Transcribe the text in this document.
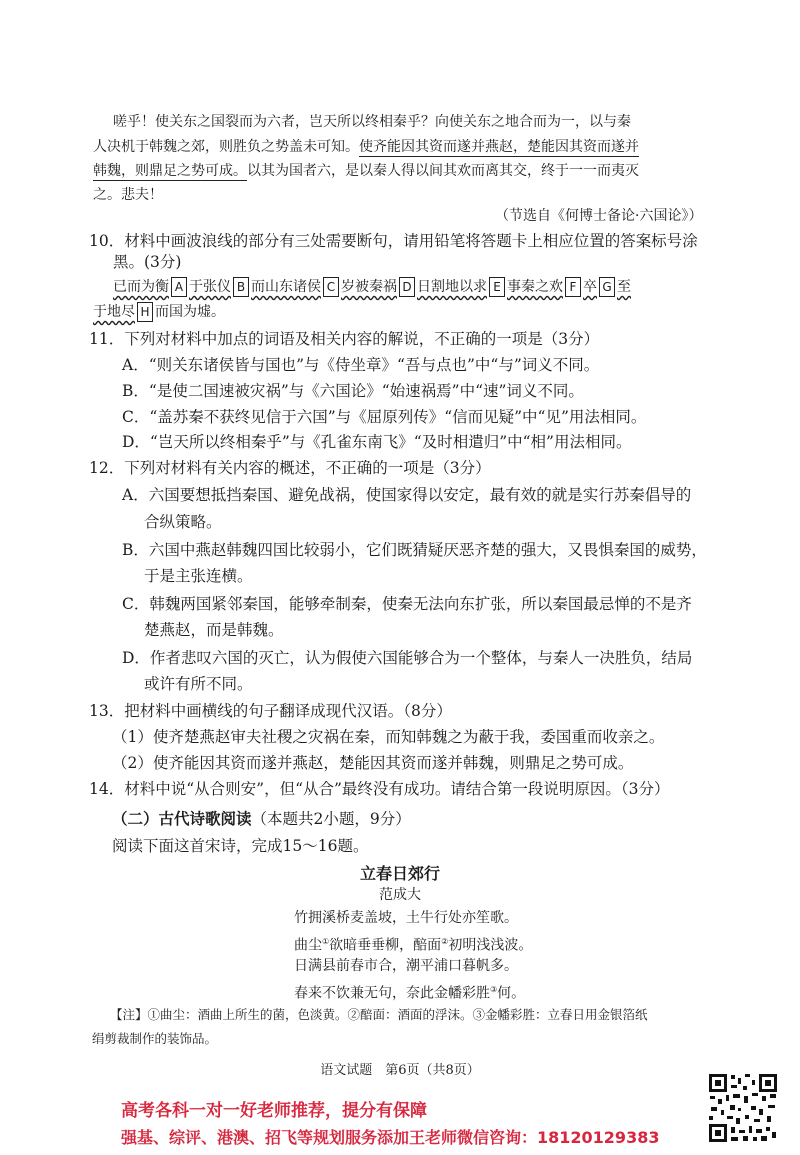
嗟乎！使关东之国裂而为六者，岂天所以终相秦乎？向使关东之地合而为一，以与秦
人决机于韩魏之郊，则胜负之势盖未可知。使齐能因其资而遂并燕赵，楚能因其资而遂并
韩魏，则鼎足之势可成。以其为国者六，是以秦人得以间其欢而离其交，终于一一而夷灭
之。悲夫！
（节选自《何博士备论·六国论》）
10．材料中画波浪线的部分有三处需要断句，请用铅笔将答题卡上相应位置的答案标号涂
黑。(3分)
已而为衡 A 于张仪 B 而山东诸侯 C 岁被秦祸 D 日割地以求 E 事秦之欢 F 卒 G 至
于地尽 H 而国为墟。
11．下列对材料中加点的词语及相关内容的解说，不正确的一项是（3分）
A．“则关东诸侯皆与国也”与《侍坐章》“吾与点也”中“与”词义不同。
B．“是使二国速被灾祸”与《六国论》“始速祸焉”中“速”词义不同。
C．“盖苏秦不获终见信于六国”与《屈原列传》“信而见疑”中“见”用法相同。
D．“岂天所以终相秦乎”与《孔雀东南飞》“及时相遣归”中“相”用法相同。
12．下列对材料有关内容的概述，不正确的一项是（3分）
A．六国要想抵挡秦国、避免战祸，使国家得以安定，最有效的就是实行苏秦倡导的
合纵策略。
B．六国中燕赵韩魏四国比较弱小，它们既猜疑厌恶齐楚的强大，又畏惧秦国的威势，
于是主张连横。
C．韩魏两国紧邻秦国，能够牵制秦，使秦无法向东扩张，所以秦国最忌惮的不是齐
楚燕赵，而是韩魏。
D．作者悲叹六国的灭亡，认为假使六国能够合为一个整体，与秦人一决胜负，结局
或许有所不同。
13．把材料中画横线的句子翻译成现代汉语。（8分）
（1）使齐楚燕赵审夫社稷之灾祸在秦，而知韩魏之为蔽于我，委国重而收亲之。
（2）使齐能因其资而遂并燕赵，楚能因其资而遂并韩魏，则鼎足之势可成。
14．材料中说“从合则安”，但“从合”最终没有成功。请结合第一段说明原因。（3分）
（二）古代诗歌阅读（本题共2小题，9分）
阅读下面这首宋诗，完成15～16题。
立春日郊行
范成大
竹拥溪桥麦盖坡，土牛行处亦笙歌。
曲尘①欲暗垂垂柳，醅面②初明浅浅波。
日满县前春市合，潮平浦口暮帆多。
春来不饮兼无句，奈此金幡彩胜③何。
【注】①曲尘：酒曲上所生的菌，色淡黄。②醅面：酒面的浮沫。③金幡彩胜：立春日用金银箔纸
绢剪裁制作的装饰品。
语文试题　第6页（共8页）
高考各科一对一好老师推荐，提分有保障
强基、综评、港澳、招飞等规划服务添加王老师微信咨询：18120129383
